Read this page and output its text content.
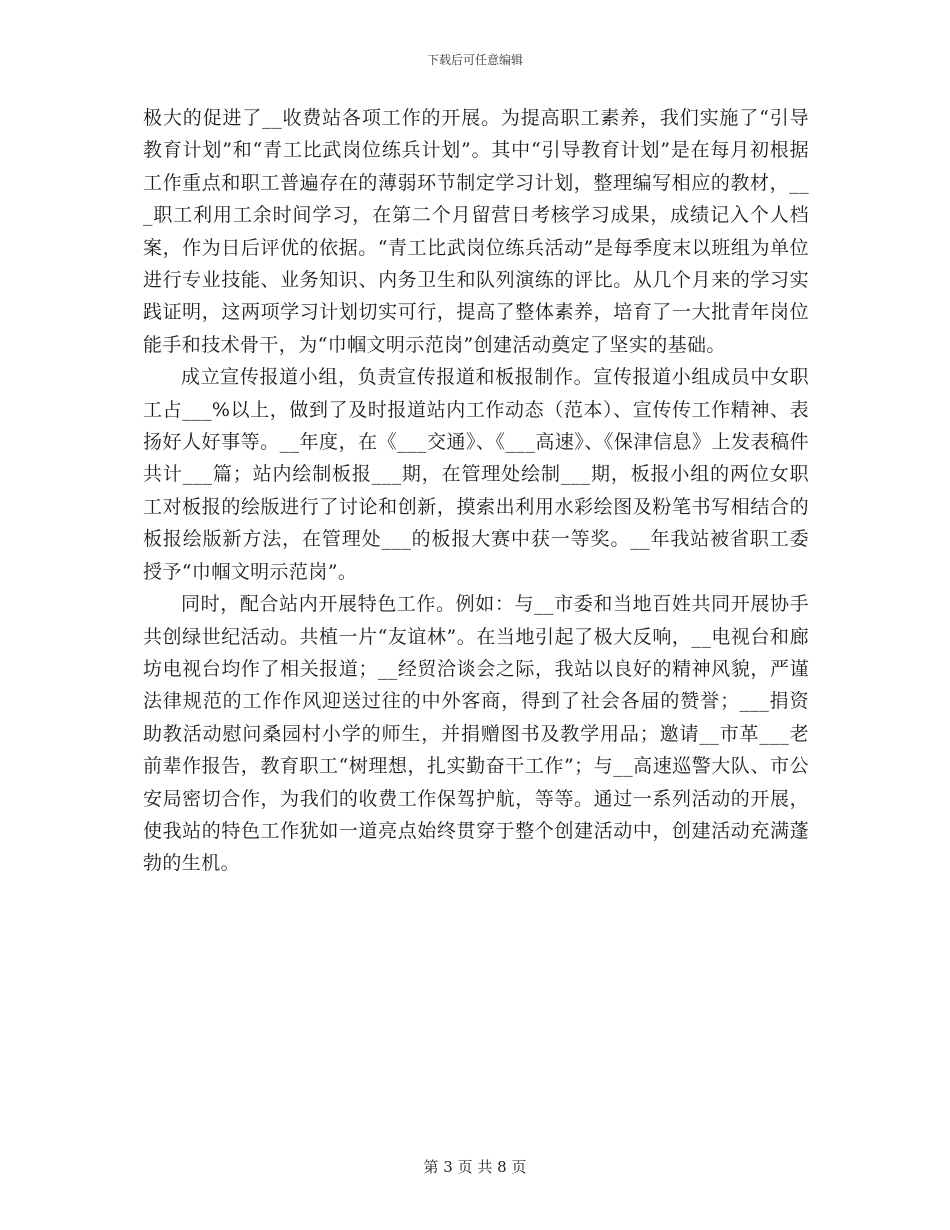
下载后可任意编辑

极大的促进了__收费站各项工作的开展。为提高职工素养，我们实施了“引导教育计划”和“青工比武岗位练兵计划”。其中“引导教育计划”是在每月初根据工作重点和职工普遍存在的薄弱环节制定学习计划，整理编写相应的教材，___职工利用工余时间学习，在第二个月留营日考核学习成果，成绩记入个人档案，作为日后评优的依据。“青工比武岗位练兵活动”是每季度末以班组为单位进行专业技能、业务知识、内务卫生和队列演练的评比。从几个月来的学习实践证明，这两项学习计划切实可行，提高了整体素养，培育了一大批青年岗位能手和技术骨干，为“巾帼文明示范岗”创建活动奠定了坚实的基础。

成立宣传报道小组，负责宣传报道和板报制作。宣传报道小组成员中女职工占___%以上，做到了及时报道站内工作动态（范本）、宣传传工作精神、表扬好人好事等。__年度，在《___交通》、《___高速》、《保津信息》上发表稿件共计___篇；站内绘制板报___期，在管理处绘制___期，板报小组的两位女职工对板报的绘版进行了讨论和创新，摸索出利用水彩绘图及粉笔书写相结合的板报绘版新方法，在管理处___的板报大赛中获一等奖。__年我站被省职工委授予“巾帼文明示范岗”。

同时，配合站内开展特色工作。例如：与__市委和当地百姓共同开展协手共创绿世纪活动。共植一片“友谊林”。在当地引起了极大反响，__电视台和廊坊电视台均作了相关报道；__经贸洽谈会之际，我站以良好的精神风貌，严谨法律规范的工作作风迎送过往的中外客商，得到了社会各届的赞誉；___捐资助教活动慰问桑园村小学的师生，并捐赠图书及教学用品；邀请__市革___老前辈作报告，教育职工“树理想，扎实勤奋干工作”；与__高速巡警大队、市公安局密切合作，为我们的收费工作保驾护航，等等。通过一系列活动的开展，使我站的特色工作犹如一道亮点始终贯穿于整个创建活动中，创建活动充满蓬勃的生机。

第 3 页 共 8 页
